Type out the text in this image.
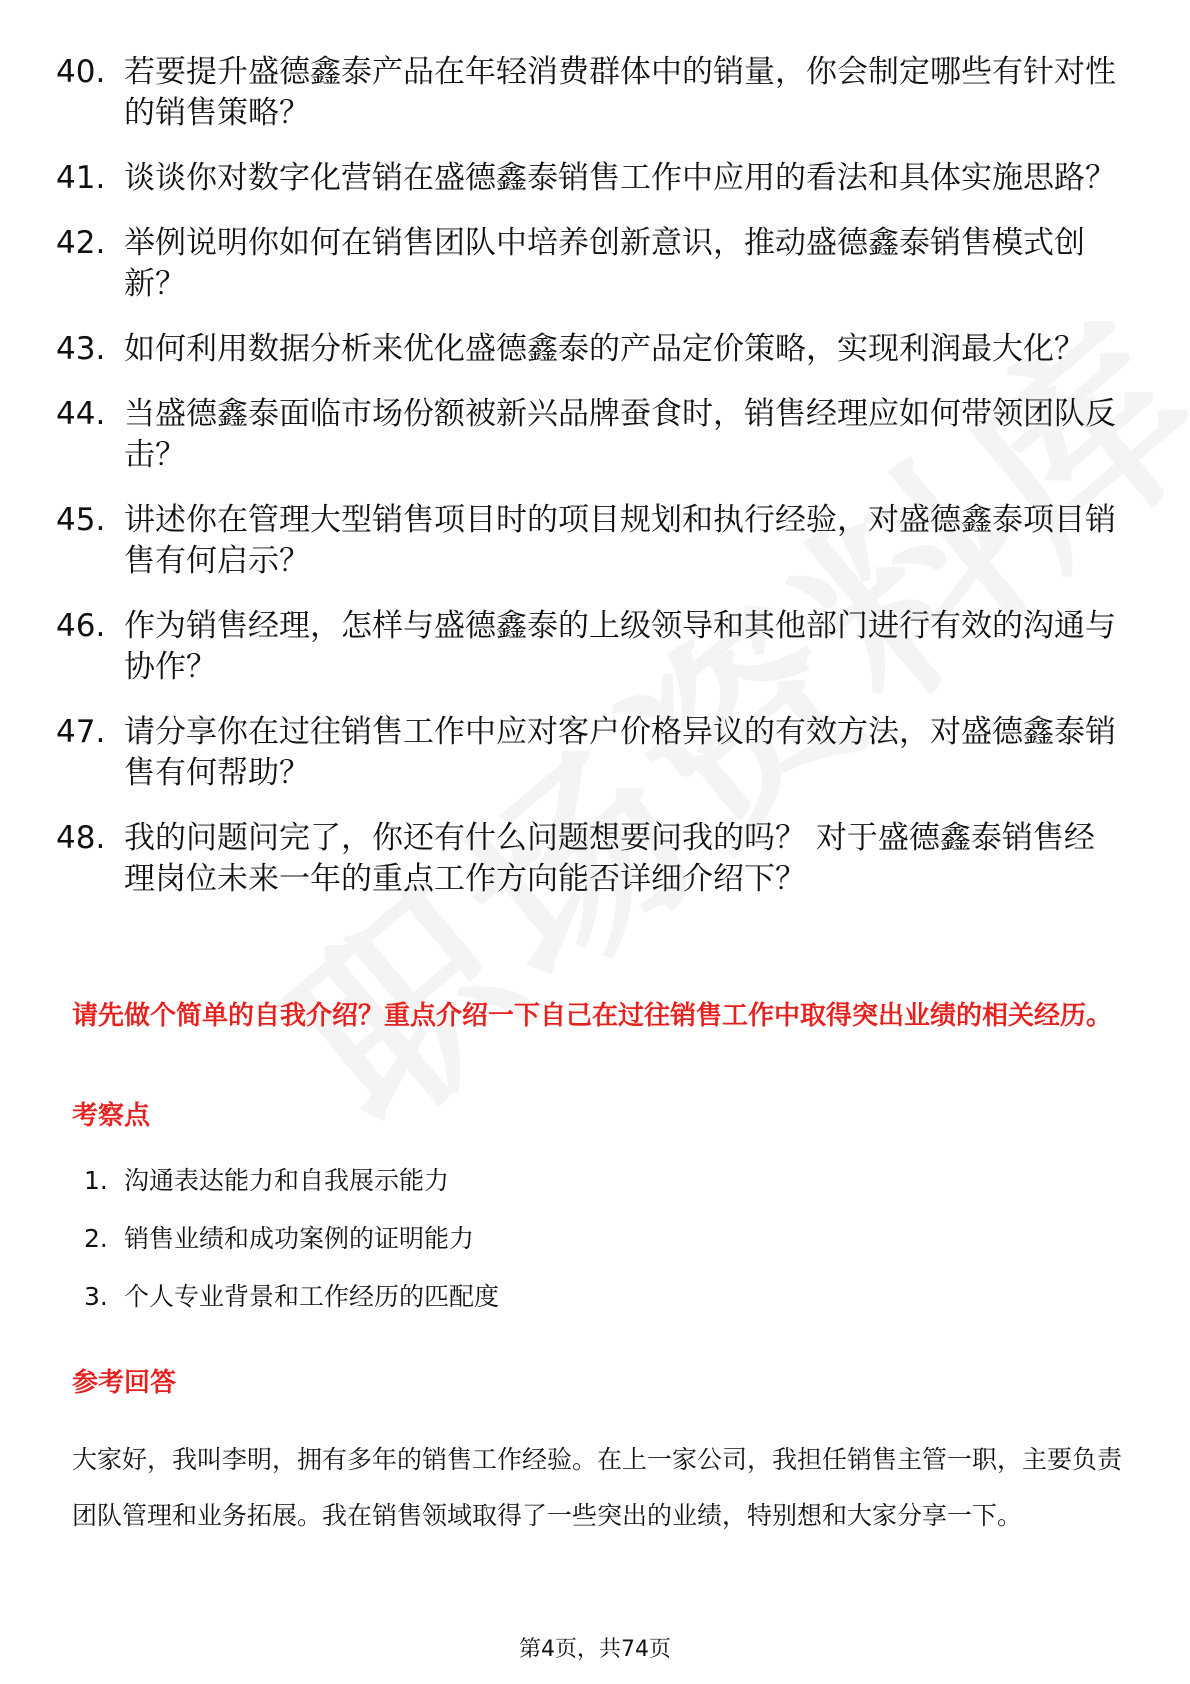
40. 若要提升盛德鑫泰产品在年轻消费群体中的销量，你会制定哪些有针对性的销售策略？
41. 谈谈你对数字化营销在盛德鑫泰销售工作中应用的看法和具体实施思路？
42. 举例说明你如何在销售团队中培养创新意识，推动盛德鑫泰销售模式创新？
43. 如何利用数据分析来优化盛德鑫泰的产品定价策略，实现利润最大化？
44. 当盛德鑫泰面临市场份额被新兴品牌蚕食时，销售经理应如何带领团队反击？
45. 讲述你在管理大型销售项目时的项目规划和执行经验，对盛德鑫泰项目销售有何启示？
46. 作为销售经理，怎样与盛德鑫泰的上级领导和其他部门进行有效的沟通与协作？
47. 请分享你在过往销售工作中应对客户价格异议的有效方法，对盛德鑫泰销售有何帮助？
48. 我的问题问完了，你还有什么问题想要问我的吗？ 对于盛德鑫泰销售经理岗位未来一年的重点工作方向能否详细介绍下？
请先做个简单的自我介绍？重点介绍一下自己在过往销售工作中取得突出业绩的相关经历。
考察点
1. 沟通表达能力和自我展示能力
2. 销售业绩和成功案例的证明能力
3. 个人专业背景和工作经历的匹配度
参考回答

大家好，我叫李明，拥有多年的销售工作经验。在上一家公司，我担任销售主管一职，主要负责团队管理和业务拓展。我在销售领域取得了一些突出的业绩，特别想和大家分享一下。

第4页，共74页
